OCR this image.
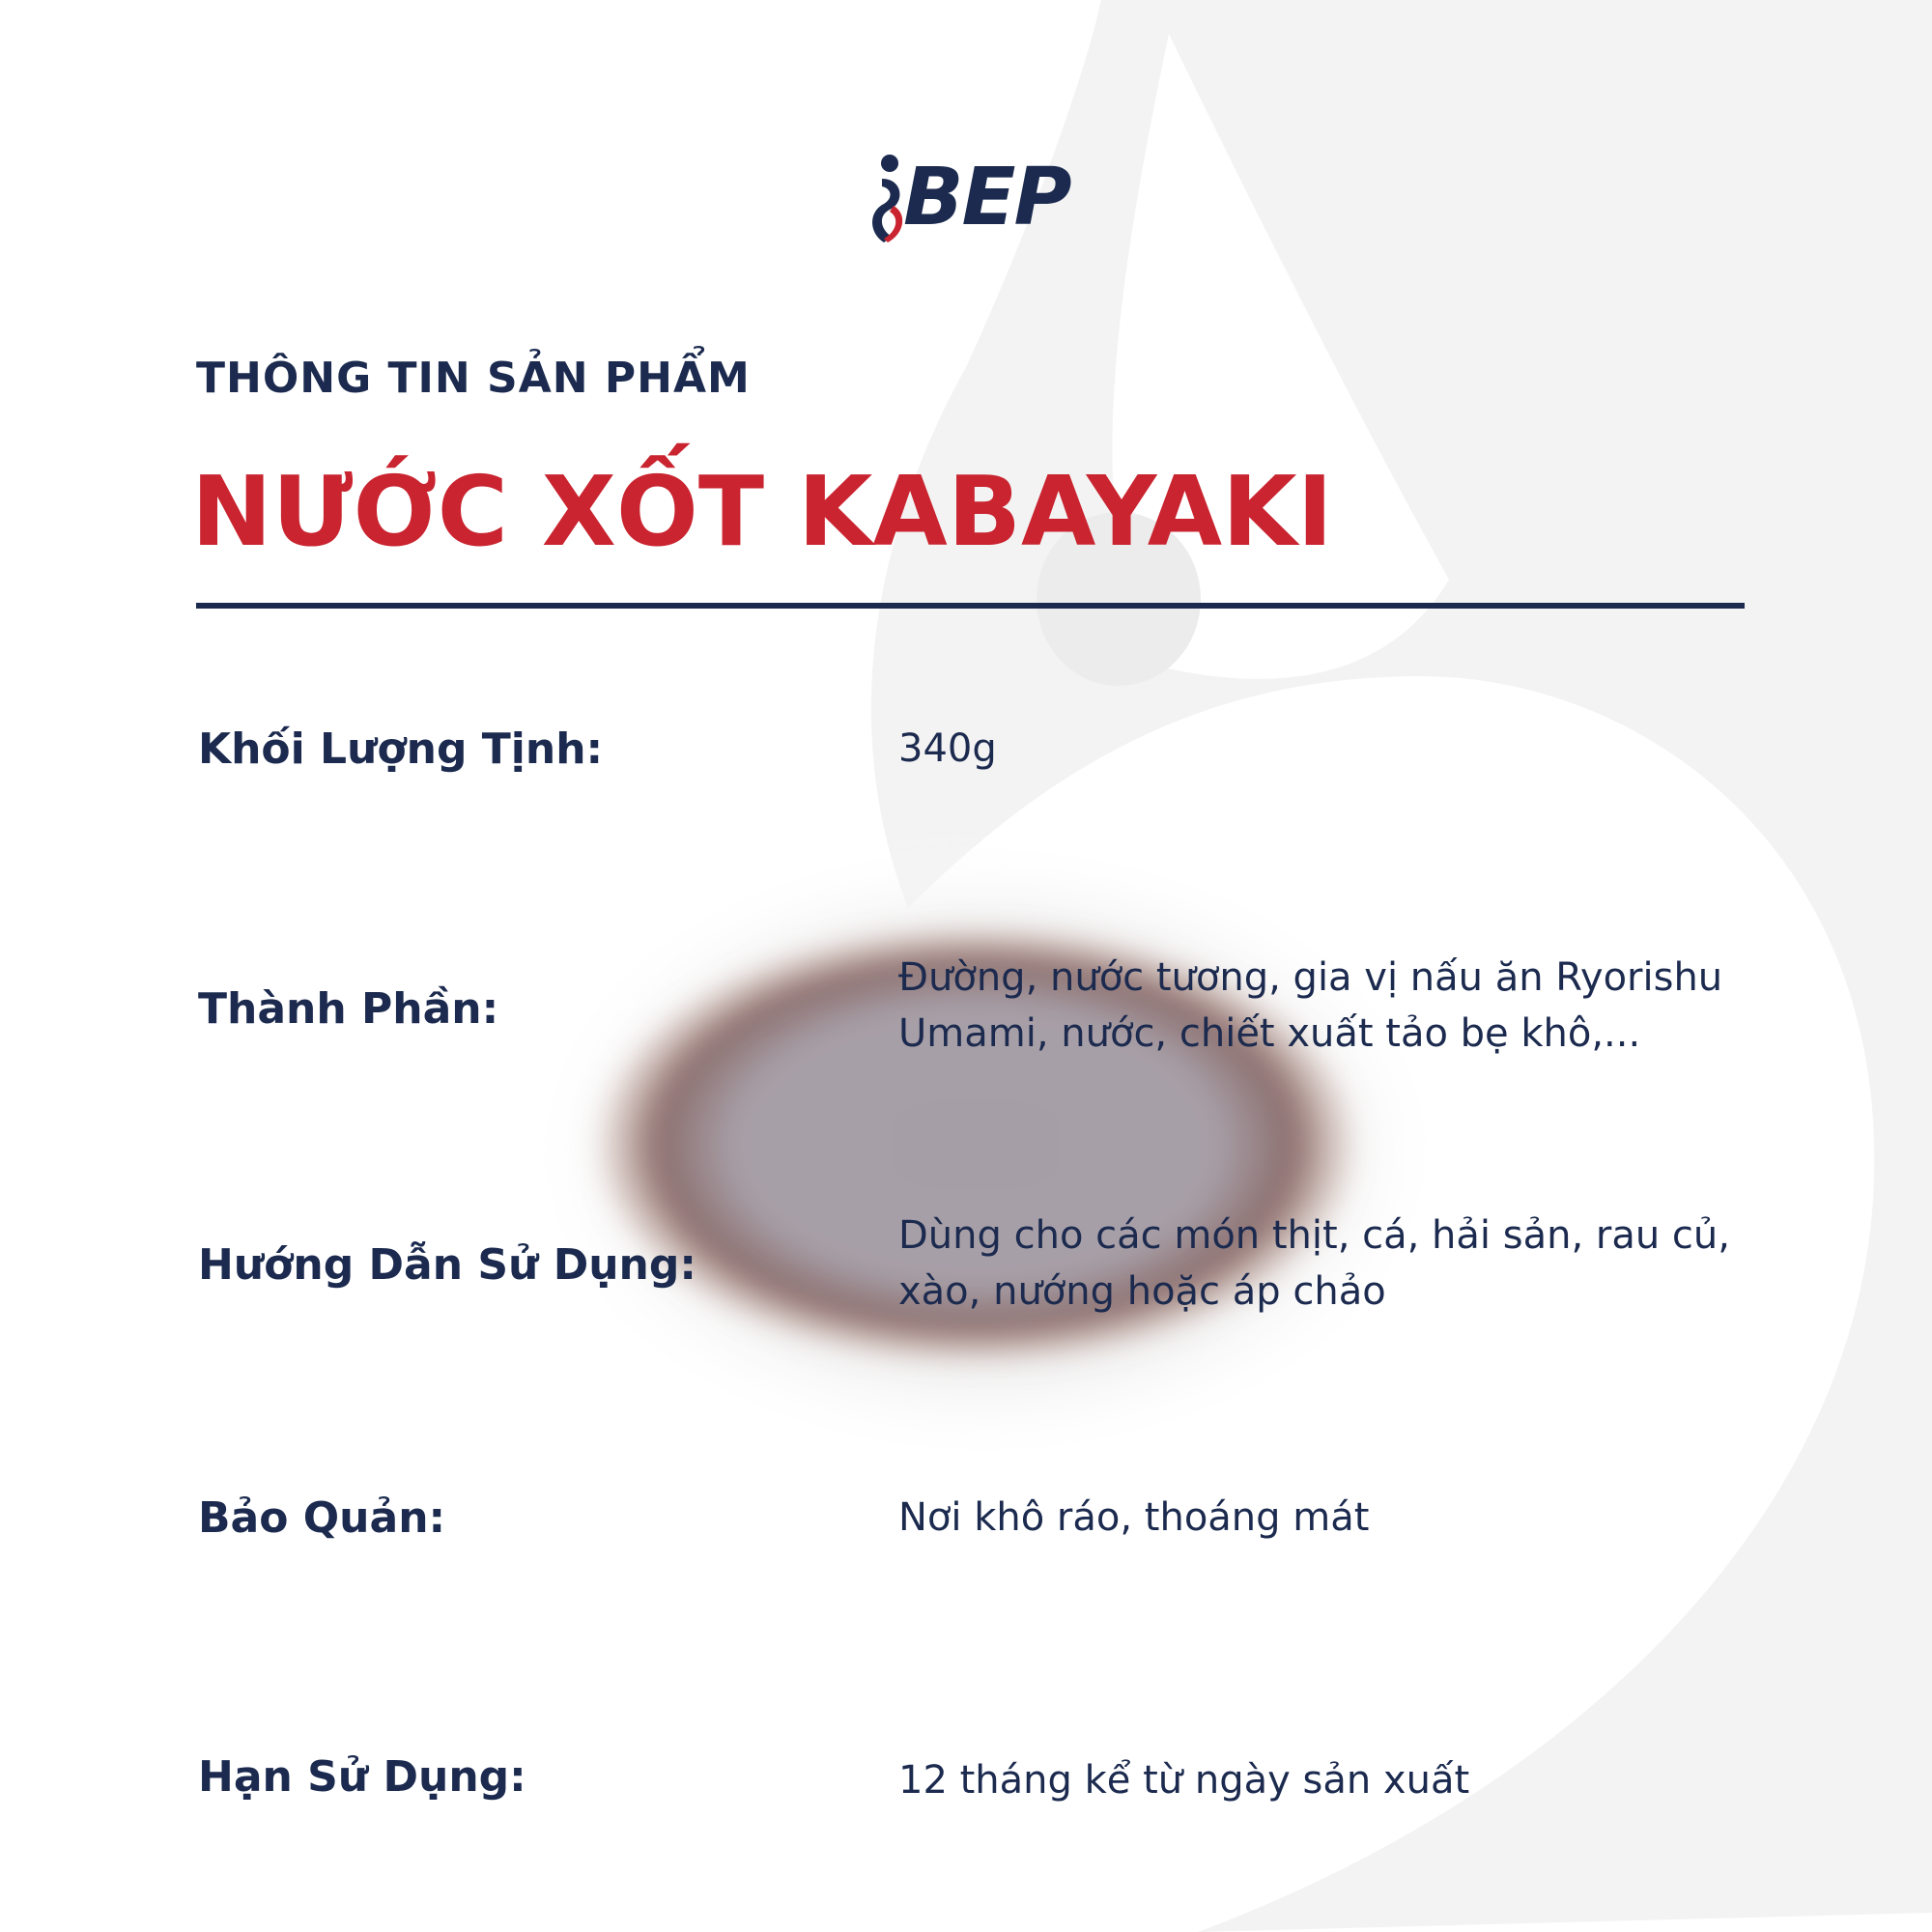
BEP
THÔNG TIN SẢN PHẨM
NƯỚC XỐT KABAYAKI
Khối Lượng Tịnh:	340g
Thành Phần:
Đường, nước tương, gia vị nấu ăn Ryorishu Umami, nước, chiết xuất tảo bẹ khô,...
Hướng Dẫn Sử Dụng:
Dùng cho các món thịt, cá, hải sản, rau củ, xào, nướng hoặc áp chảo
Bảo Quản:	Nơi khô ráo, thoáng mát
Hạn Sử Dụng:	12 tháng kể từ ngày sản xuất
